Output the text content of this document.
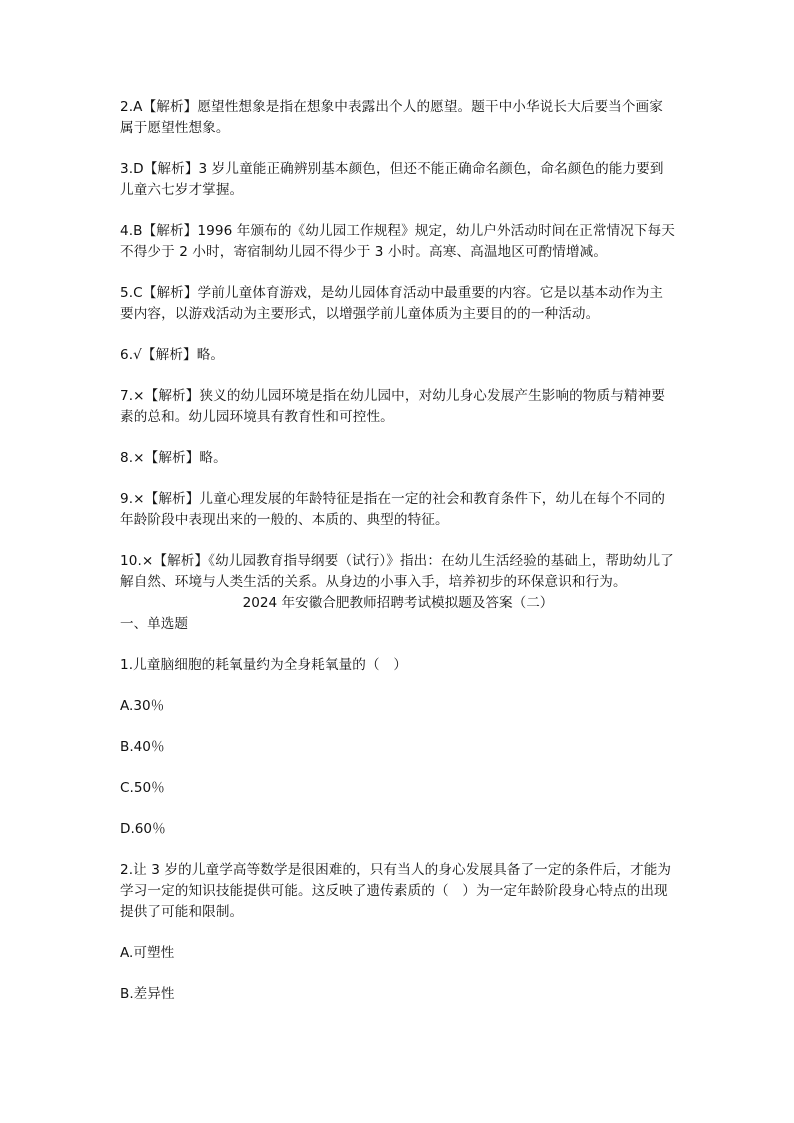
2.A【解析】愿望性想象是指在想象中表露出个人的愿望。题干中小华说长大后要当个画家属于愿望性想象。

3.D【解析】3 岁儿童能正确辨别基本颜色，但还不能正确命名颜色，命名颜色的能力要到儿童六七岁才掌握。

4.B【解析】1996 年颁布的《幼儿园工作规程》规定，幼儿户外活动时间在正常情况下每天不得少于 2 小时，寄宿制幼儿园不得少于 3 小时。高寒、高温地区可酌情增减。

5.C【解析】学前儿童体育游戏，是幼儿园体育活动中最重要的内容。它是以基本动作为主要内容，以游戏活动为主要形式，以增强学前儿童体质为主要目的的一种活动。

6.√【解析】略。

7.×【解析】狭义的幼儿园环境是指在幼儿园中，对幼儿身心发展产生影响的物质与精神要素的总和。幼儿园环境具有教育性和可控性。

8.×【解析】略。

9.×【解析】儿童心理发展的年龄特征是指在一定的社会和教育条件下，幼儿在每个不同的年龄阶段中表现出来的一般的、本质的、典型的特征。

10.×【解析】《幼儿园教育指导纲要（试行）》指出：在幼儿生活经验的基础上，帮助幼儿了解自然、环境与人类生活的关系。从身边的小事入手，培养初步的环保意识和行为。

2024 年安徽合肥教师招聘考试模拟题及答案（二）

一、单选题

1.儿童脑细胞的耗氧量约为全身耗氧量的（　）

A.30％

B.40％

C.50％

D.60％

2.让 3 岁的儿童学高等数学是很困难的，只有当人的身心发展具备了一定的条件后，才能为学习一定的知识技能提供可能。这反映了遗传素质的（　）为一定年龄阶段身心特点的出现提供了可能和限制。

A.可塑性

B.差异性
